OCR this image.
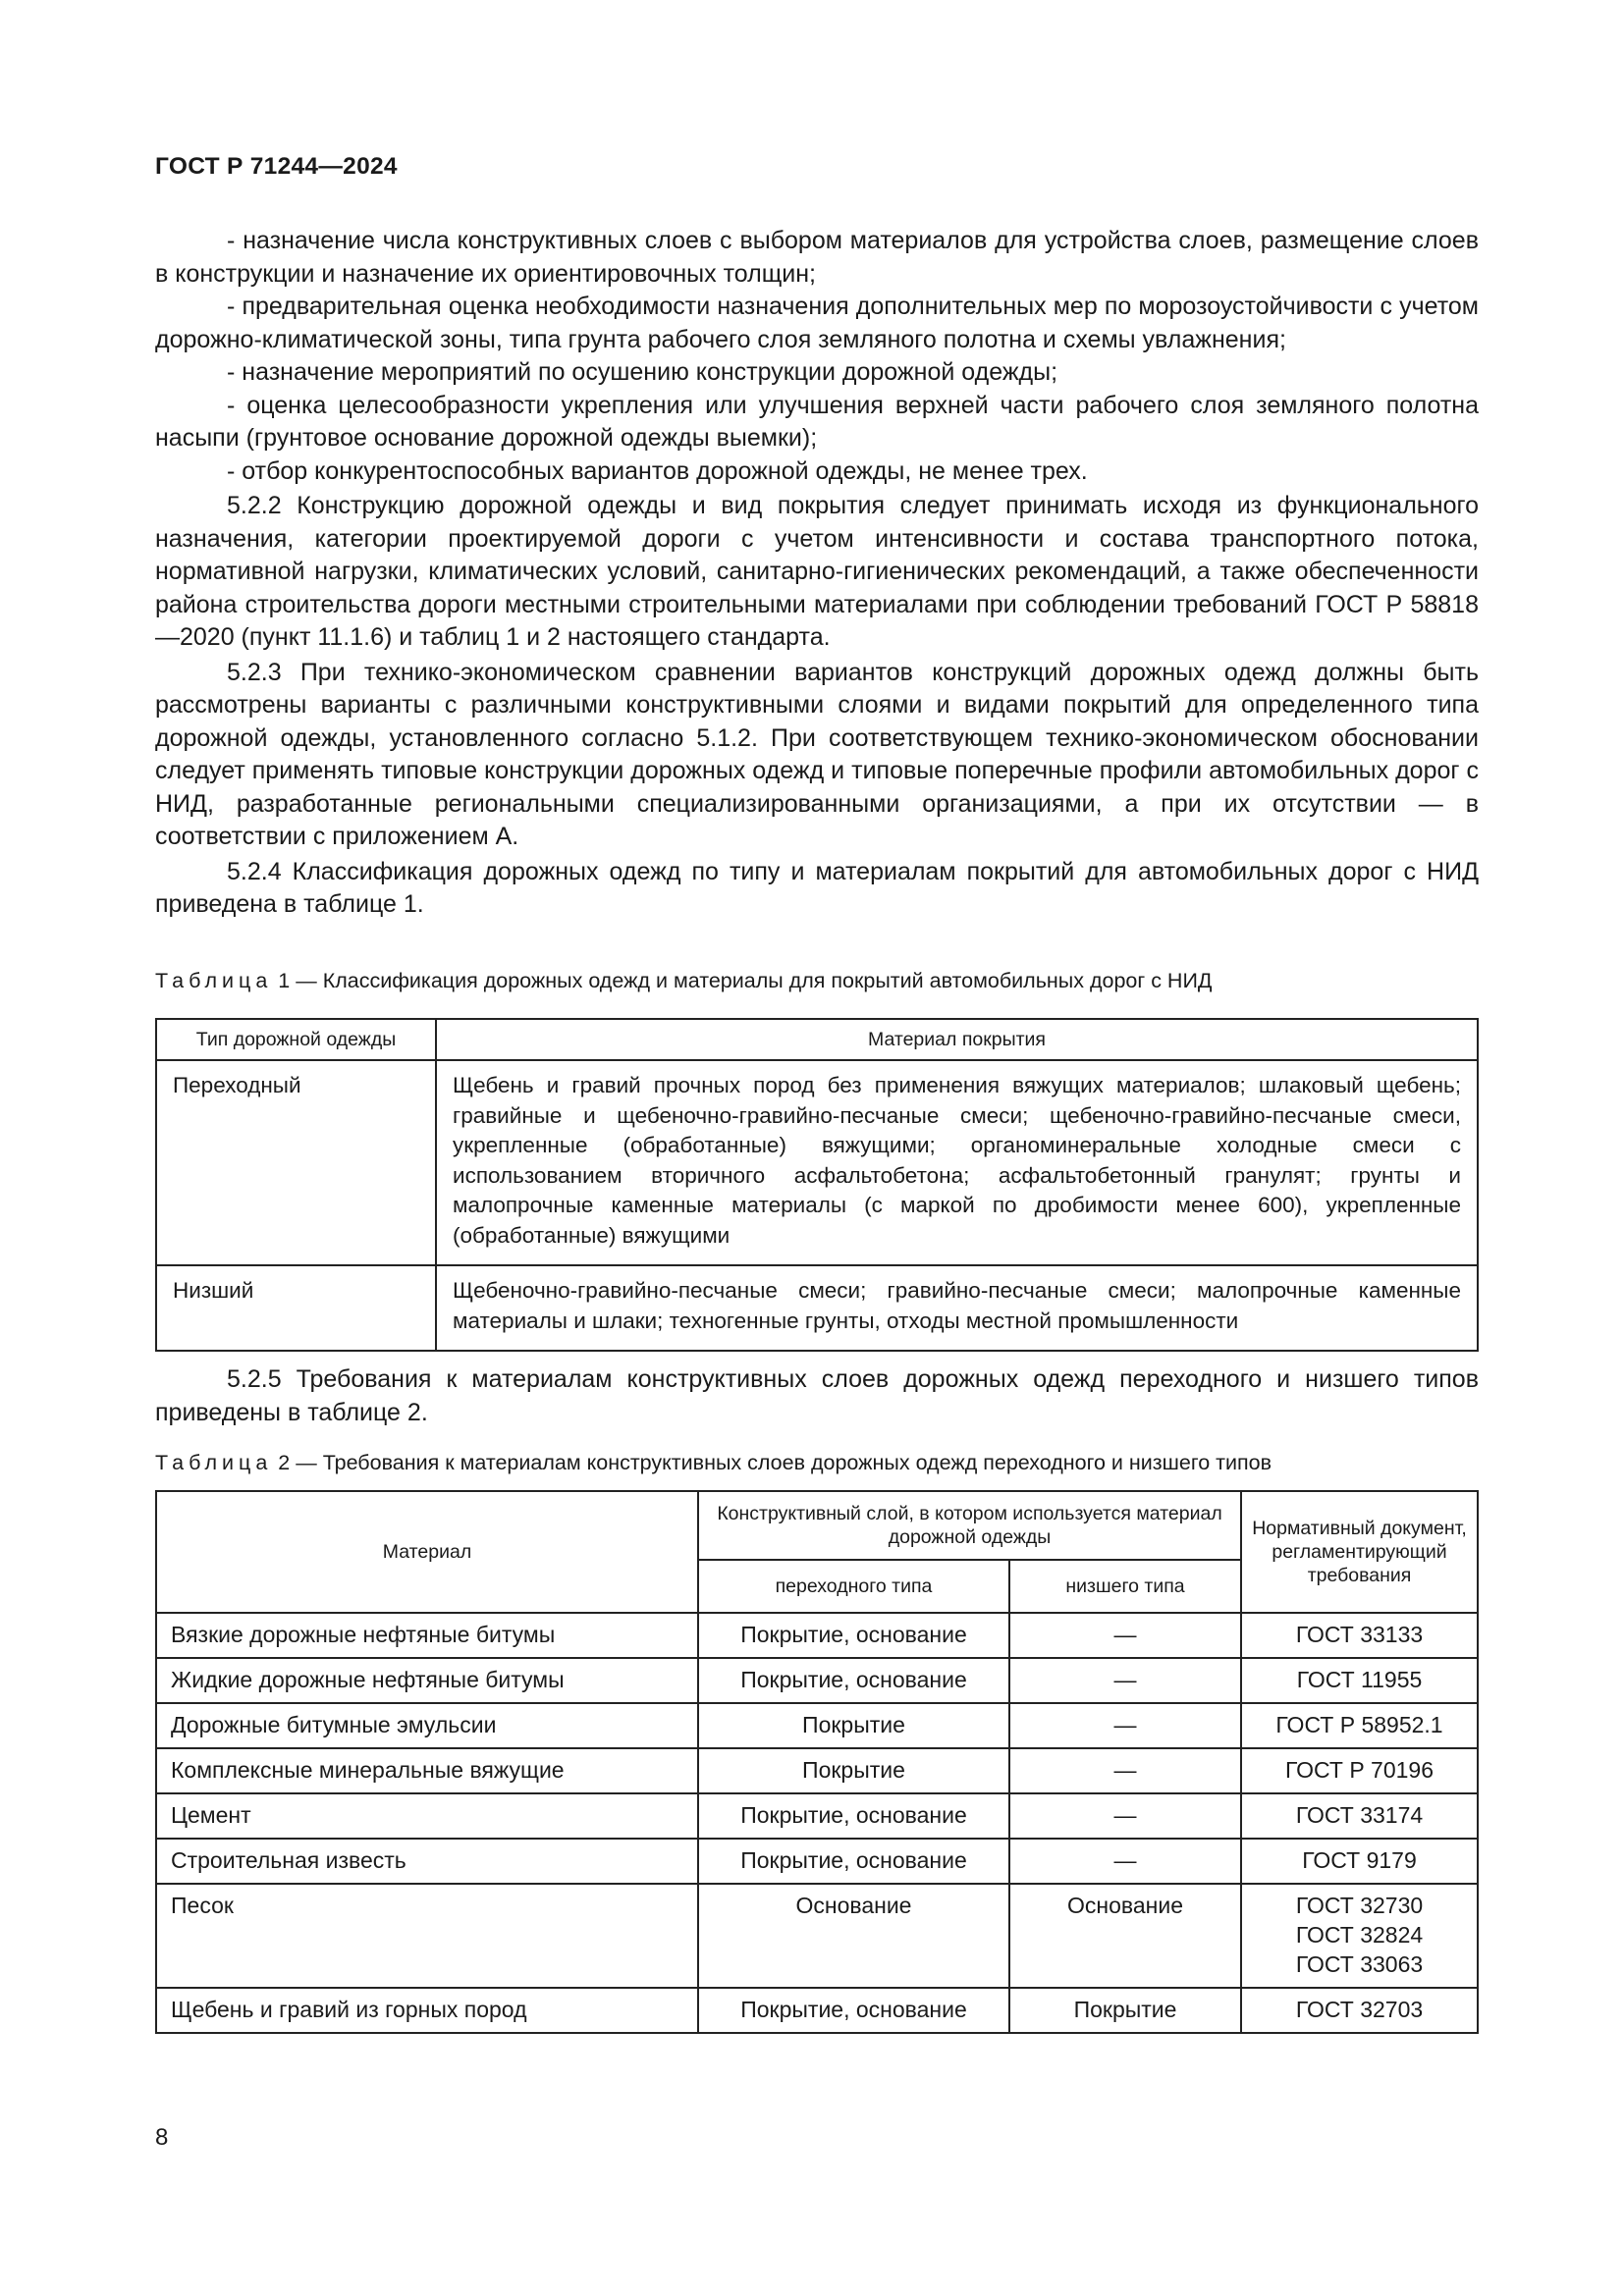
ГОСТ Р 71244—2024

- назначение числа конструктивных слоев с выбором материалов для устройства слоев, размещение слоев в конструкции и назначение их ориентировочных толщин;

- предварительная оценка необходимости назначения дополнительных мер по морозоустойчивости с учетом дорожно-климатической зоны, типа грунта рабочего слоя земляного полотна и схемы увлажнения;

- назначение мероприятий по осушению конструкции дорожной одежды;

- оценка целесообразности укрепления или улучшения верхней части рабочего слоя земляного полотна насыпи (грунтовое основание дорожной одежды выемки);

- отбор конкурентоспособных вариантов дорожной одежды, не менее трех.

5.2.2 Конструкцию дорожной одежды и вид покрытия следует принимать исходя из функционального назначения, категории проектируемой дороги с учетом интенсивности и состава транспортного потока, нормативной нагрузки, климатических условий, санитарно-гигиенических рекомендаций, а также обеспеченности района строительства дороги местными строительными материалами при соблюдении требований ГОСТ Р 58818—2020 (пункт 11.1.6) и таблиц 1 и 2 настоящего стандарта.

5.2.3 При технико-экономическом сравнении вариантов конструкций дорожных одежд должны быть рассмотрены варианты с различными конструктивными слоями и видами покрытий для определенного типа дорожной одежды, установленного согласно 5.1.2. При соответствующем технико-экономическом обосновании следует применять типовые конструкции дорожных одежд и типовые поперечные профили автомобильных дорог с НИД, разработанные региональными специализированными организациями, а при их отсутствии — в соответствии с приложением А.

5.2.4 Классификация дорожных одежд по типу и материалам покрытий для автомобильных дорог с НИД приведена в таблице 1.

Таблица 1 — Классификация дорожных одежд и материалы для покрытий автомобильных дорог с НИД
Тип дорожной одежды	Материал покрытия
Переходный	Щебень и гравий прочных пород без применения вяжущих материалов; шлаковый щебень; гравийные и щебеночно-гравийно-песчаные смеси; щебеночно-гравийно-песчаные смеси, укрепленные (обработанные) вяжущими; органоминеральные холодные смеси с использованием вторичного асфальтобетона; асфальтобетонный гранулят; грунты и малопрочные каменные материалы (с маркой по дробимости менее 600), укрепленные (обработанные) вяжущими
Низший	Щебеночно-гравийно-песчаные смеси; гравийно-песчаные смеси; малопрочные каменные материалы и шлаки; техногенные грунты, отходы местной промышленности

5.2.5 Требования к материалам конструктивных слоев дорожных одежд переходного и низшего типов приведены в таблице 2.

Таблица 2 — Требования к материалам конструктивных слоев дорожных одежд переходного и низшего типов
Материал	Конструктивный слой, в котором используется материал дорожной одежды		Нормативный документ, регламентирующий требования
	переходного типа	низшего типа	
Вязкие дорожные нефтяные битумы	Покрытие, основание	—	ГОСТ 33133
Жидкие дорожные нефтяные битумы	Покрытие, основание	—	ГОСТ 11955
Дорожные битумные эмульсии	Покрытие	—	ГОСТ Р 58952.1
Комплексные минеральные вяжущие	Покрытие	—	ГОСТ Р 70196
Цемент	Покрытие, основание	—	ГОСТ 33174
Строительная известь	Покрытие, основание	—	ГОСТ 9179
Песок	Основание	Основание	ГОСТ 32730
ГОСТ 32824
ГОСТ 33063

Щебень и гравий из горных пород	Покрытие, основание	Покрытие	ГОСТ 32703
8
